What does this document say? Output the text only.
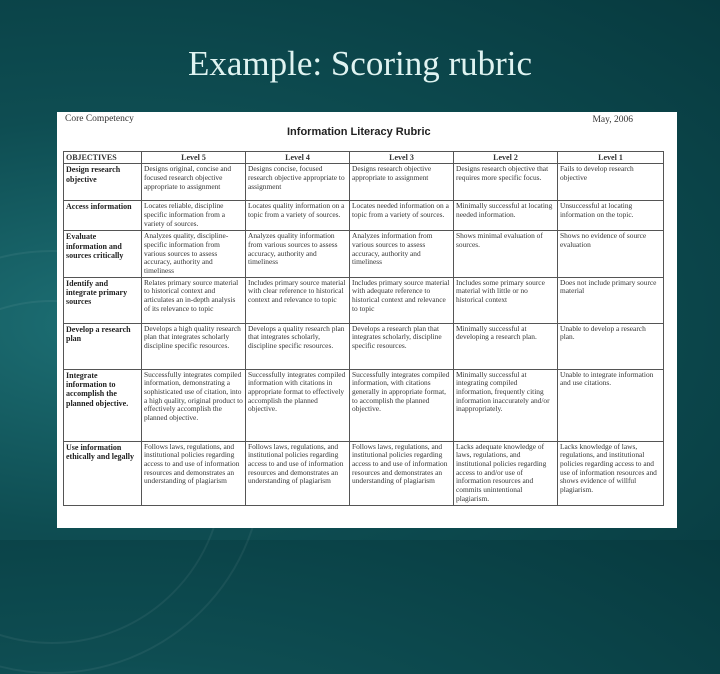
Example: Scoring rubric
Core Competency	May, 2006
Information Literacy Rubric
OBJECTIVES	Level 5	Level 4	Level 3	Level 2	Level 1
Design research objective	Designs original, concise and focused research objective appropriate to assignment	Designs concise, focused research objective appropriate to assignment	Designs research objective appropriate to assignment	Designs research objective that requires more specific focus.	Fails to develop research objective
Access information	Locates reliable, discipline specific information from a variety of sources.	Locates quality information on a topic from a variety of sources.	Locates needed information on a topic from a variety of sources.	Minimally successful at locating needed information.	Unsuccessful at locating information on the topic.
Evaluate information and sources critically	Analyzes quality, discipline-specific information from various sources to assess accuracy, authority and timeliness	Analyzes quality information from various sources to assess accuracy, authority and timeliness	Analyzes information from various sources to assess accuracy, authority and timeliness	Shows minimal evaluation of sources.	Shows no evidence of source evaluation
Identify and integrate primary sources	Relates primary source material to historical context and articulates an in-depth analysis of its relevance to topic	Includes primary source material with clear reference to historical context and relevance to topic	Includes primary source material with adequate reference to historical context and relevance to topic	Includes some primary source material with little or no historical context	Does not include primary source material
Develop a research plan	Develops a high quality research plan that integrates scholarly discipline specific resources.	Develops a quality research plan that integrates scholarly, discipline specific resources.	Develops a research plan that integrates scholarly, discipline specific resources.	Minimally successful at developing a research plan.	Unable to develop a research plan.
Integrate information to accomplish the planned objective.	Successfully integrates compiled information, demonstrating a sophisticated use of citation, into a high quality, original product to effectively accomplish the planned objective.	Successfully integrates compiled information with citations in appropriate format to effectively accomplish the planned objective.	Successfully integrates compiled information, with citations generally in appropriate format, to accomplish the planned objective.	Minimally successful at integrating compiled information, frequently citing information inaccurately and/or inappropriately.	Unable to integrate information and use citations.
Use information ethically and legally	Follows laws, regulations, and institutional policies regarding access to and use of information resources and demonstrates an understanding of plagiarism	Follows laws, regulations, and institutional policies regarding access to and use of information resources and demonstrates an understanding of plagiarism	Follows laws, regulations, and institutional policies regarding access to and use of information resources and demonstrates an understanding of plagiarism	Lacks adequate knowledge of laws, regulations, and institutional policies regarding access to and/or use of information resources and commits unintentional plagiarism.	Lacks knowledge of laws, regulations, and institutional policies regarding access to and use of information resources and shows evidence of willful plagiarism.
